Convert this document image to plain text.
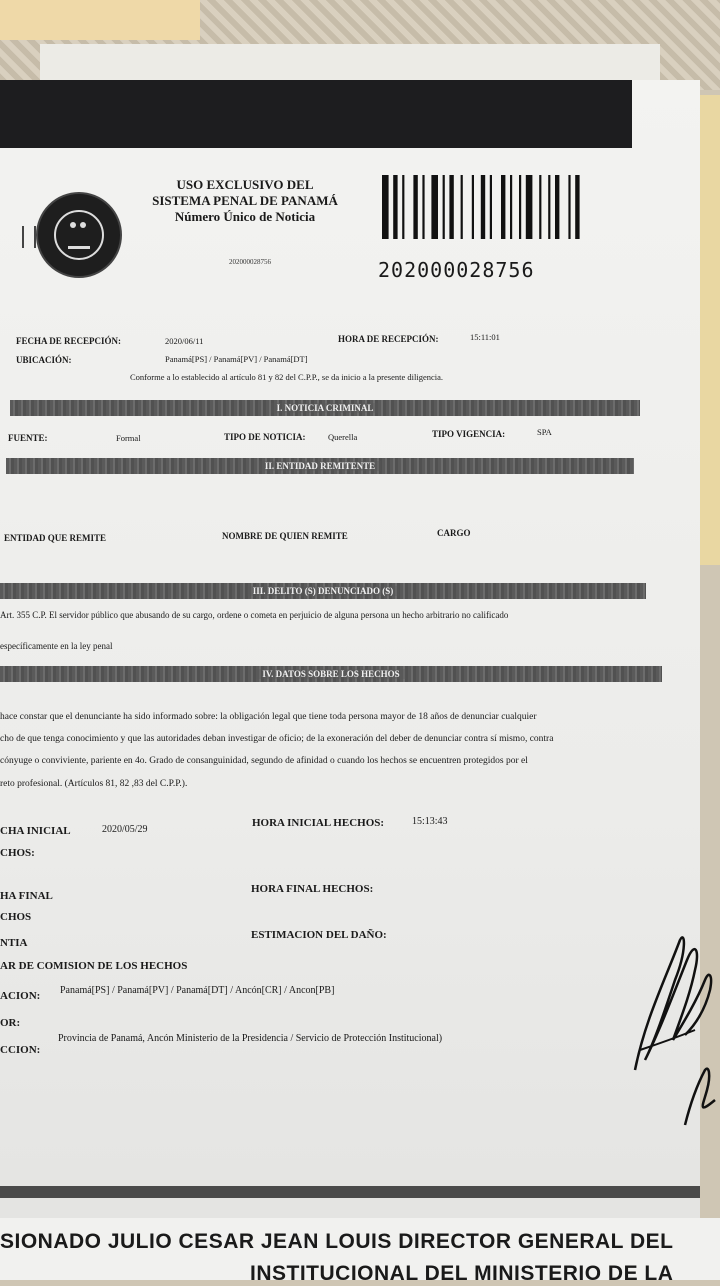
USO EXCLUSIVO DEL
SISTEMA PENAL DE PANAMÁ
Número Único de Noticia
202000028756	202000028756
FECHA DE RECEPCIÓN:	2020/06/11	HORA DE RECEPCIÓN:	15:11:01
UBICACIÓN:	Panamá[PS] / Panamá[PV] / Panamá[DT]
Conforme a lo establecido al artículo 81 y 82 del C.P.P., se da inicio a la presente diligencia.
I. NOTICIA CRIMINAL
FUENTE:	Formal	TIPO DE NOTICIA:	Querella	TIPO VIGENCIA:	SPA
II. ENTIDAD REMITENTE
ENTIDAD QUE REMITE	NOMBRE DE QUIEN REMITE	CARGO
III. DELITO (S) DENUNCIADO (S)
Art. 355 C.P. El servidor público que abusando de su cargo, ordene o cometa en perjuicio de alguna persona un hecho arbitrario no calificado
específicamente en la ley penal
IV. DATOS SOBRE LOS HECHOS
hace constar que el denunciante ha sido informado sobre: la obligación legal que tiene toda persona mayor de 18 años de denunciar cualquier
cho de que tenga conocimiento y que las autoridades deban investigar de oficio; de la exoneración del deber de denunciar contra sí mismo, contra
cónyuge o conviviente, pariente en 4o. Grado de consanguinidad, segundo de afinidad o cuando los hechos se encuentren protegidos por el
reto profesional. (Artículos 81, 82 ,83 del C.P.P.).
CHA INICIAL	2020/05/29
CHOS:
HORA INICIAL HECHOS:	15:13:43
HA FINAL
CHOS
HORA FINAL HECHOS:
NTIA
ESTIMACION DEL DAÑO:
AR DE COMISION DE LOS HECHOS
ACION: Panamá[PS] / Panamá[PV] / Panamá[DT] / Ancón[CR] / Ancon[PB]
OR:
CCION:
Provincia de Panamá, Ancón Ministerio de la Presidencia / Servicio de Protección Institucional)
SIONADO JULIO CESAR JEAN LOUIS DIRECTOR GENERAL DEL
INSTITUCIONAL DEL MINISTERIO DE LA
